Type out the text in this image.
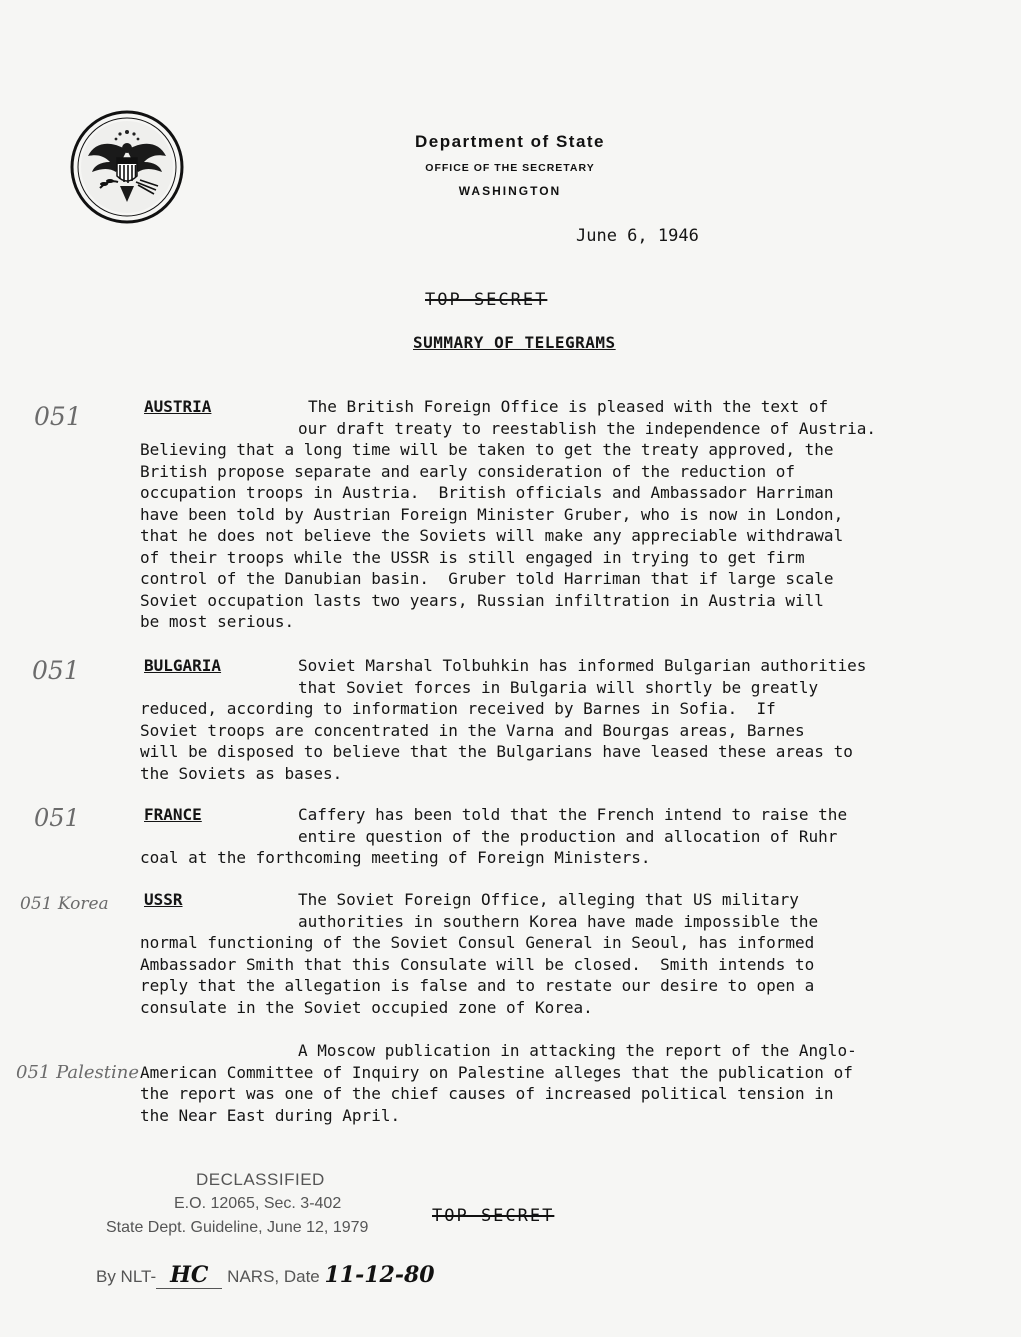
Department of State
OFFICE OF THE SECRETARY
WASHINGTON
June 6, 1946
TOP SECRET
SUMMARY OF TELEGRAMS
051
051
051
051 Korea
051 Palestine
AUSTRIA	The British Foreign Office is pleased with the text of
our draft treaty to reestablish the independence of Austria.
Believing that a long time will be taken to get the treaty approved, the
British propose separate and early consideration of the reduction of
occupation troops in Austria.  British officials and Ambassador Harriman
have been told by Austrian Foreign Minister Gruber, who is now in London,
that he does not believe the Soviets will make any appreciable withdrawal
of their troops while the USSR is still engaged in trying to get firm
control of the Danubian basin.  Gruber told Harriman that if large scale
Soviet occupation lasts two years, Russian infiltration in Austria will
be most serious.
BULGARIA	Soviet Marshal Tolbuhkin has informed Bulgarian authorities
that Soviet forces in Bulgaria will shortly be greatly
reduced, according to information received by Barnes in Sofia.  If
Soviet troops are concentrated in the Varna and Bourgas areas, Barnes
will be disposed to believe that the Bulgarians have leased these areas to
the Soviets as bases.
FRANCE	Caffery has been told that the French intend to raise the
entire question of the production and allocation of Ruhr
coal at the forthcoming meeting of Foreign Ministers.
USSR	The Soviet Foreign Office, alleging that US military
authorities in southern Korea have made impossible the
normal functioning of the Soviet Consul General in Seoul, has informed
Ambassador Smith that this Consulate will be closed.  Smith intends to
reply that the allegation is false and to restate our desire to open a
consulate in the Soviet occupied zone of Korea.
A Moscow publication in attacking the report of the Anglo-
American Committee of Inquiry on Palestine alleges that the publication of
the report was one of the chief causes of increased political tension in
the Near East during April.
DECLASSIFIED
E.O. 12065, Sec. 3-402
State Dept. Guideline, June 12, 1979
By NLT- HC NARS, Date 11-12-80
TOP SECRET
